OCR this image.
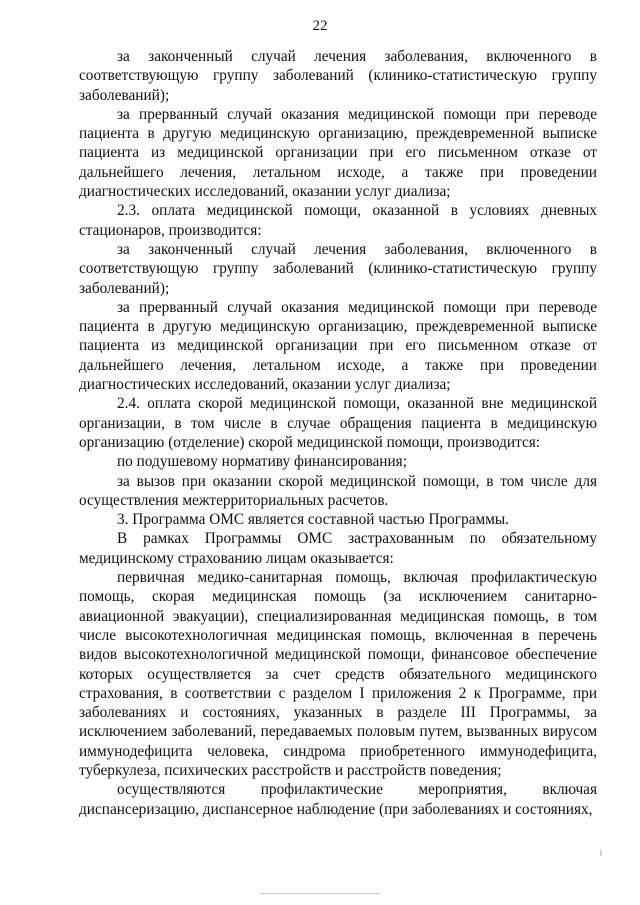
22

за законченный случай лечения заболевания, включенного в соответствующую группу заболеваний (клинико-статистическую группу заболеваний);

за прерванный случай оказания медицинской помощи при переводе пациента в другую медицинскую организацию, преждевременной выписке пациента из медицинской организации при его письменном отказе от дальнейшего лечения, летальном исходе, а также при проведении диагностических исследований, оказании услуг диализа;

2.3. оплата медицинской помощи, оказанной в условиях дневных стационаров, производится:

за законченный случай лечения заболевания, включенного в соответствующую группу заболеваний (клинико-статистическую группу заболеваний);

за прерванный случай оказания медицинской помощи при переводе пациента в другую медицинскую организацию, преждевременной выписке пациента из медицинской организации при его письменном отказе от дальнейшего лечения, летальном исходе, а также при проведении диагностических исследований, оказании услуг диализа;

2.4. оплата скорой медицинской помощи, оказанной вне медицинской организации, в том числе в случае обращения пациента в медицинскую организацию (отделение) скорой медицинской помощи, производится:

по подушевому нормативу финансирования;

за вызов при оказании скорой медицинской помощи, в том числе для осуществления межтерриториальных расчетов.

3. Программа ОМС является составной частью Программы.

В рамках Программы ОМС застрахованным по обязательному медицинскому страхованию лицам оказывается:

первичная медико-санитарная помощь, включая профилактическую помощь, скорая медицинская помощь (за исключением санитарно-авиационной эвакуации), специализированная медицинская помощь, в том числе высокотехнологичная медицинская помощь, включенная в перечень видов высокотехнологичной медицинской помощи, финансовое обеспечение которых осуществляется за счет средств обязательного медицинского страхования, в соответствии с разделом I приложения 2 к Программе, при заболеваниях и состояниях, указанных в разделе III Программы, за исключением заболеваний, передаваемых половым путем, вызванных вирусом иммунодефицита человека, синдрома приобретенного иммунодефицита, туберкулеза, психических расстройств и расстройств поведения;

осуществляются профилактические мероприятия, включая диспансеризацию, диспансерное наблюдение (при заболеваниях и состояниях,
